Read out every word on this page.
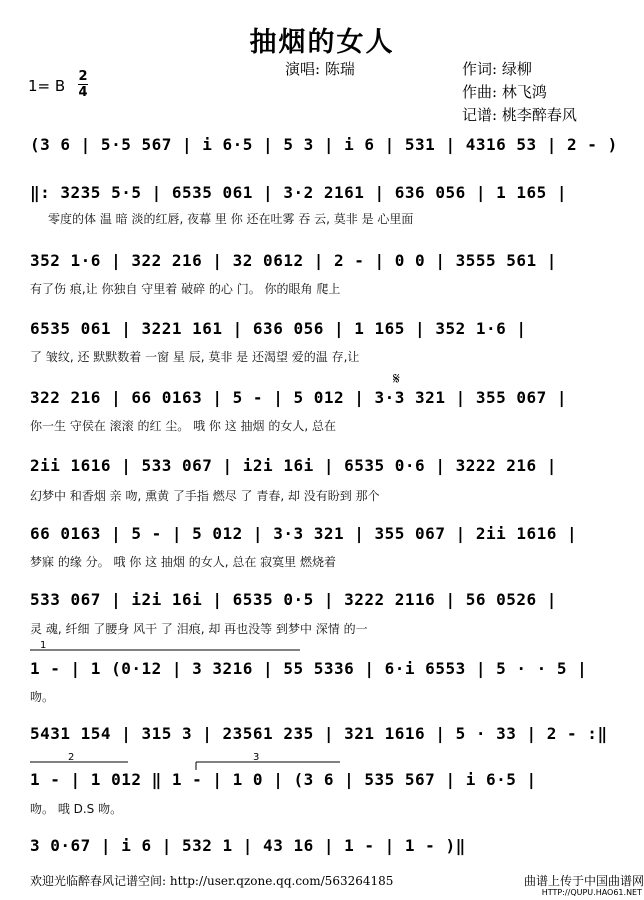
抽烟的女人
演唱: 陈瑞	作词: 绿柳
作曲: 林飞鸿
记谱: 桃李醉春风
1= B
2
4
(3 6 | 5·5 567 | i 6·5 | 5 3 | i 6 | 531 | 4316 53 | 2 - )
‖: 3235 5·5 | 6535 061 | 3·2 2161 | 636 056 | 1 165 |
零度的体 温 暗 淡的红唇, 夜幕 里 你 还在吐雾 吞 云, 莫非 是 心里面
352 1·6 | 322 216 | 32 0612 | 2 - | 0 0 | 3555 561 |
有了伤 痕,让 你独自 守里着 破碎 的心 门。 你的眼角 爬上
6535 061 | 3221 161 | 636 056 | 1 165 | 352 1·6 |
了 皱纹, 还 默默数着 一窗 星 辰, 莫非 是 还渴望 爱的温 存,让
322 216 | 66 0163 | 5 - | 5 012 | 3·3 321 | 355 067 |
你一生 守侯在 滚滚 的红 尘。 哦 你 这 抽烟 的女人, 总在
2ii 1616 | 533 067 | i2i 16i | 6535 0·6 | 3222 216 |
幻梦中 和香烟 亲 吻, 熏黄 了手指 燃尽 了 青春, 却 没有盼到 那个
66 0163 | 5 - | 5 012 | 3·3 321 | 355 067 | 2ii 1616 |
梦寐 的缘 分。 哦 你 这 抽烟 的女人, 总在 寂寞里 燃烧着
533 067 | i2i 16i | 6535 0·5 | 3222 2116 | 56 0526 |
灵 魂, 纤细 了腰身 风干 了 泪痕, 却 再也没等 到梦中 深情 的一
1 - | 1 (0·12 | 3 3216 | 55 5336 | 6·i 6553 | 5 · · 5 |
吻。
5431 154 | 315 3 | 23561 235 | 321 1616 | 5 · 33 | 2 - :‖
1 - | 1 012 ‖ 1 - | 1 0 | (3 6 | 535 567 | i 6·5 |
吻。 哦 D.S 吻。
3 0·67 | i 6 | 532 1 | 43 16 | 1 - | 1 - )‖
2	3
1
𝄋
欢迎光临醉春风记谱空间: http://user.qzone.qq.com/563264185	曲谱上传于中国曲谱网
HTTP://QUPU.HAO61.NET
